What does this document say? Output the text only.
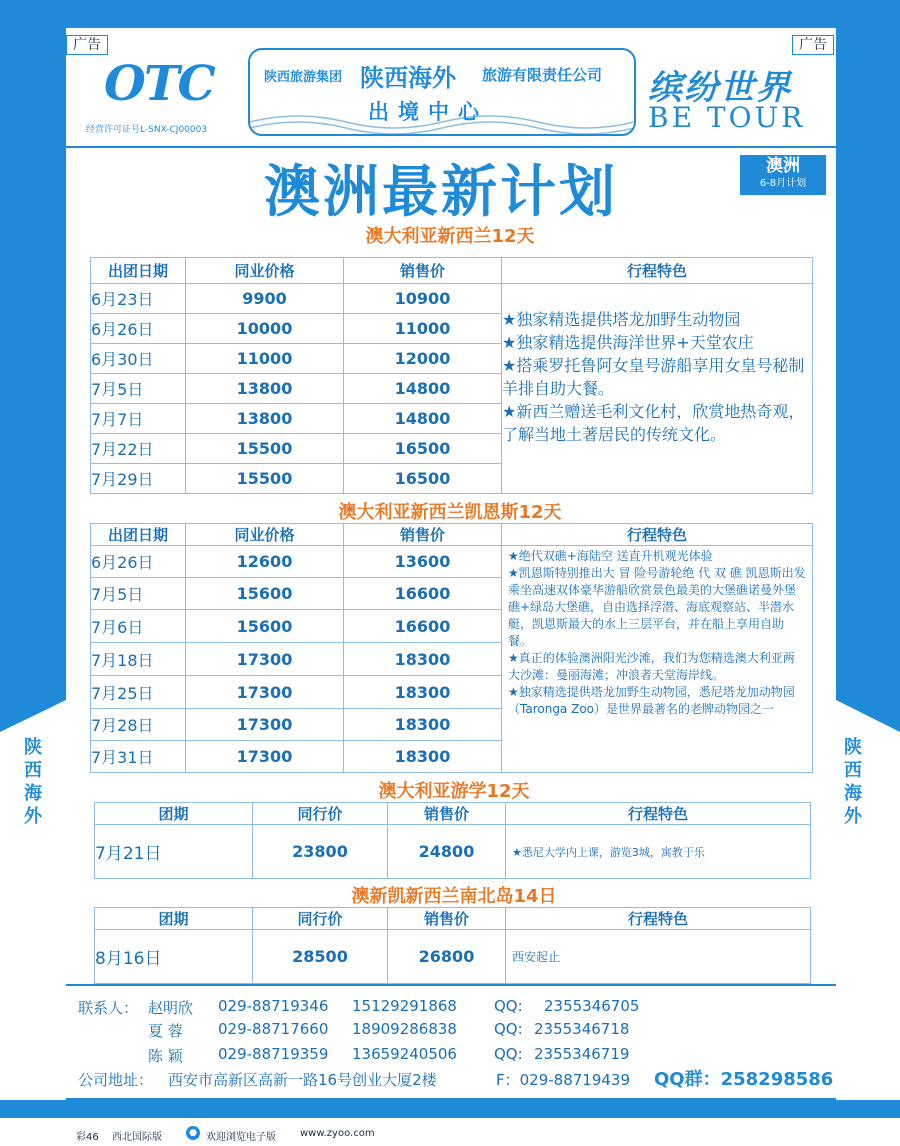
陕
西
海
外
陕
西
海
外
广告	广告
OTC
经营许可证号L-SNX-CJ00003
陕西旅游集团 陕西海外 旅游有限责任公司
出境中心
缤纷世界
BE TOUR
澳洲最新计划	澳洲
6-8月计划
澳大利亚新西兰12天
出团日期	同业价格	销售价	行程特色
6月23日	9900	10900	★独家精选提供塔龙加野生动物园
★独家精选提供海洋世界+天堂农庄
★搭乘罗托鲁阿女皇号游船享用女皇号秘制羊排自助大餐。
★新西兰赠送毛利文化村，欣赏地热奇观，了解当地土著居民的传统文化。
6月26日	10000	11000	
6月30日	11000	12000	
7月5日	13800	14800	
7月7日	13800	14800	
7月22日	15500	16500	
7月29日	15500	16500	
澳大利亚新西兰凯恩斯12天
出团日期	同业价格	销售价	行程特色
6月26日	12600	13600	★绝代双礁+海陆空 送直升机观光体验
★凯恩斯特别推出大 冒 险号游轮绝 代 双 礁 凯恩斯出发乘坐高速双体豪华游船欣赏景色最美的大堡礁诺曼外堡礁+绿岛大堡礁，自由选择浮潜、海底观察站、半潜水艇，凯恩斯最大的水上三层平台，并在船上享用自助餐。
★真正的体验澳洲阳光沙滩，我们为您精选澳大利亚两大沙滩：曼丽海滩；冲浪者天堂海岸线。
★独家精选提供塔龙加野生动物园，悉尼塔龙加动物园（Taronga Zoo）是世界最著名的老牌动物园之一
7月5日	15600	16600	
7月6日	15600	16600	
7月18日	17300	18300	
7月25日	17300	18300	
7月28日	17300	18300	
7月31日	17300	18300	
澳大利亚游学12天
团期	同行价	销售价	行程特色
7月21日	23800	24800	★悉尼大学内上课，游览3城，寓教于乐
澳新凯新西兰南北岛14日
团期	同行价	销售价	行程特色
8月16日	28500	26800	西安起止
联系人： 赵明欣 029-88719346 15129291868 QQ: 2355346705
夏 蓉 029-88717660 18909286838 QQ: 2355346718
陈 颖 029-88719359 13659240506 QQ: 2355346719
公司地址： 西安市高新区高新一路16号创业大厦2楼	F：029-88719439 QQ群：258298586
彩46 西北国际版	● 欢迎浏览电子版 www.zyoo.com
